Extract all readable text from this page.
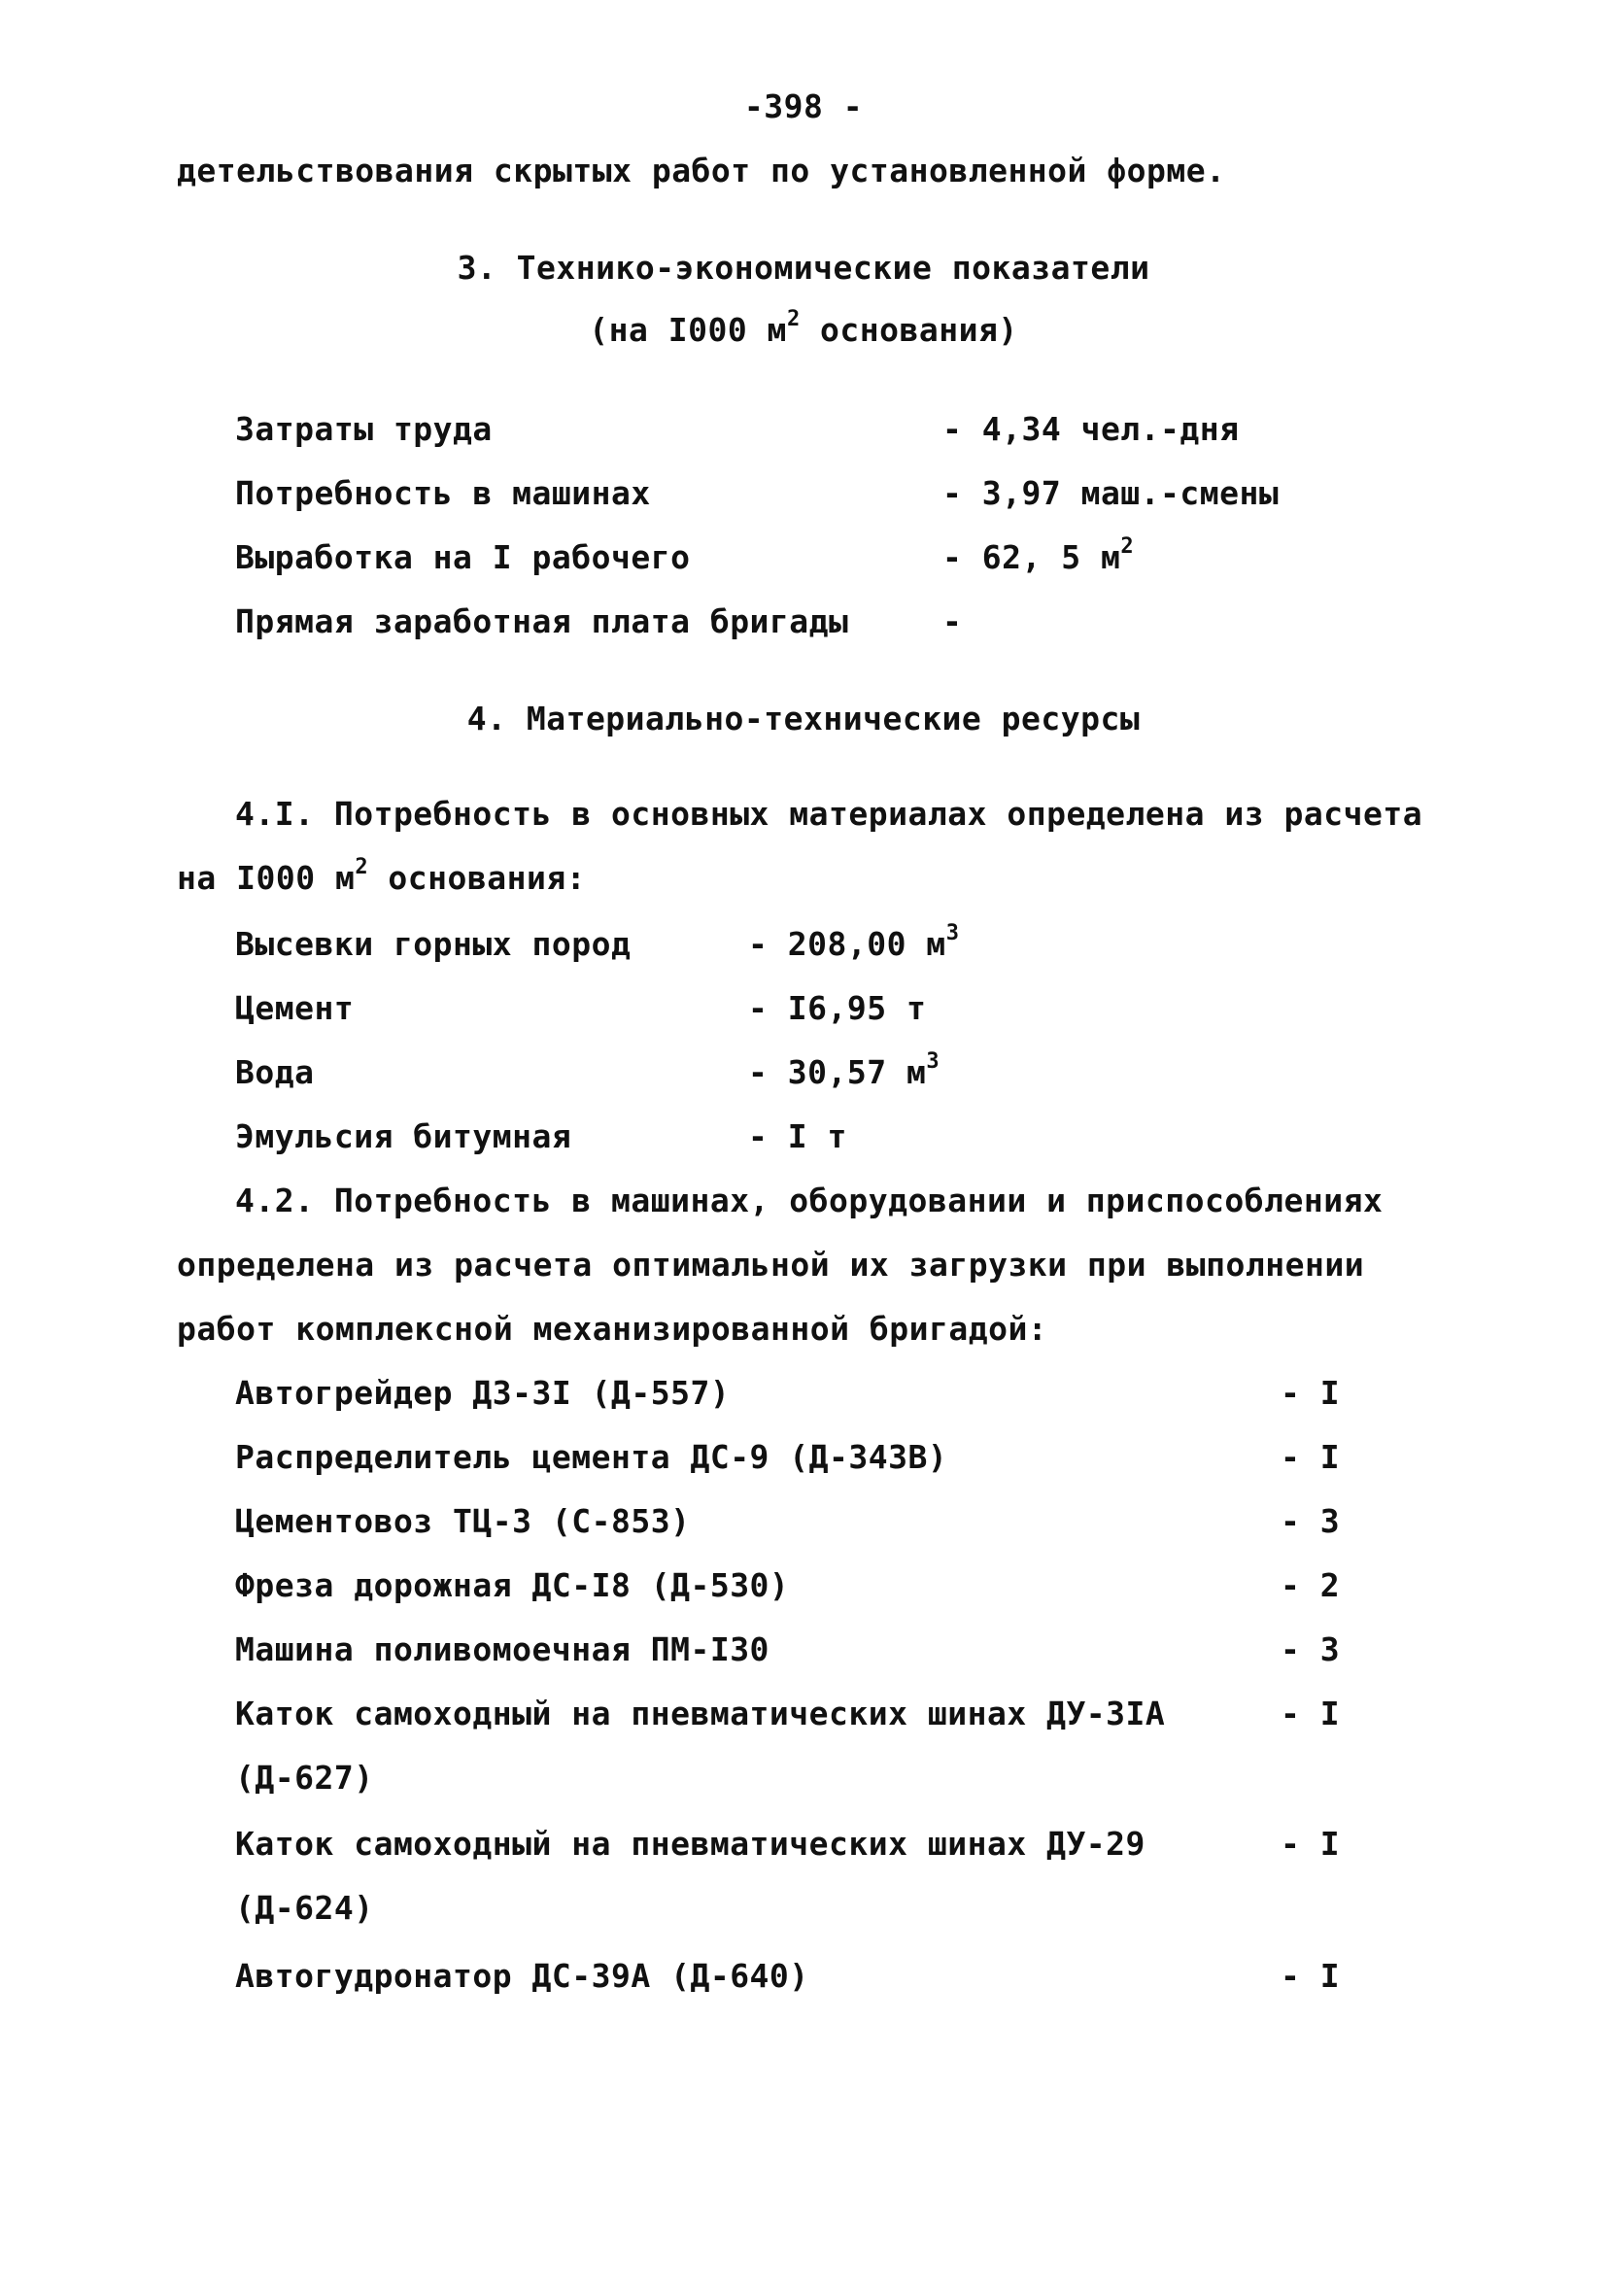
-398 -
детельствования скрытых работ по установленной форме.
3. Технико-экономические показатели
(на I000 $м^2$ основания)
Затраты труда	- 4,34 чел.-дня
Потребность в машинах	- 3,97 маш.-смены
Выработка на I рабочего	- 62, 5 $м^2$
Прямая заработная плата бригады	-
4. Материально-технические ресурсы
4.I. Потребность в основных материалах определена из расчета
на I000 $м^2$ основания:
Высевки горных пород	- 208,00 $м^3$
Цемент	- I6,95 т
Вода	- 30,57 $м^3$
Эмульсия битумная	- I т
4.2. Потребность в машинах, оборудовании и приспособлениях
определена из расчета оптимальной их загрузки при выполнении
работ комплексной механизированной бригадой:
Автогрейдер ДЗ-3I (Д-557)	- I
Распределитель цемента ДС-9 (Д-343В)	- I
Цементовоз ТЦ-3 (С-853)	- 3
Фреза дорожная ДС-I8 (Д-530)	- 2
Машина поливомоечная ПМ-I30	- 3
Каток самоходный на пневматических шинах ДУ-3IА	- I
(Д-627)
Каток самоходный на пневматических шинах ДУ-29	- I
(Д-624)
Автогудронатор ДС-39А (Д-640)	- I
